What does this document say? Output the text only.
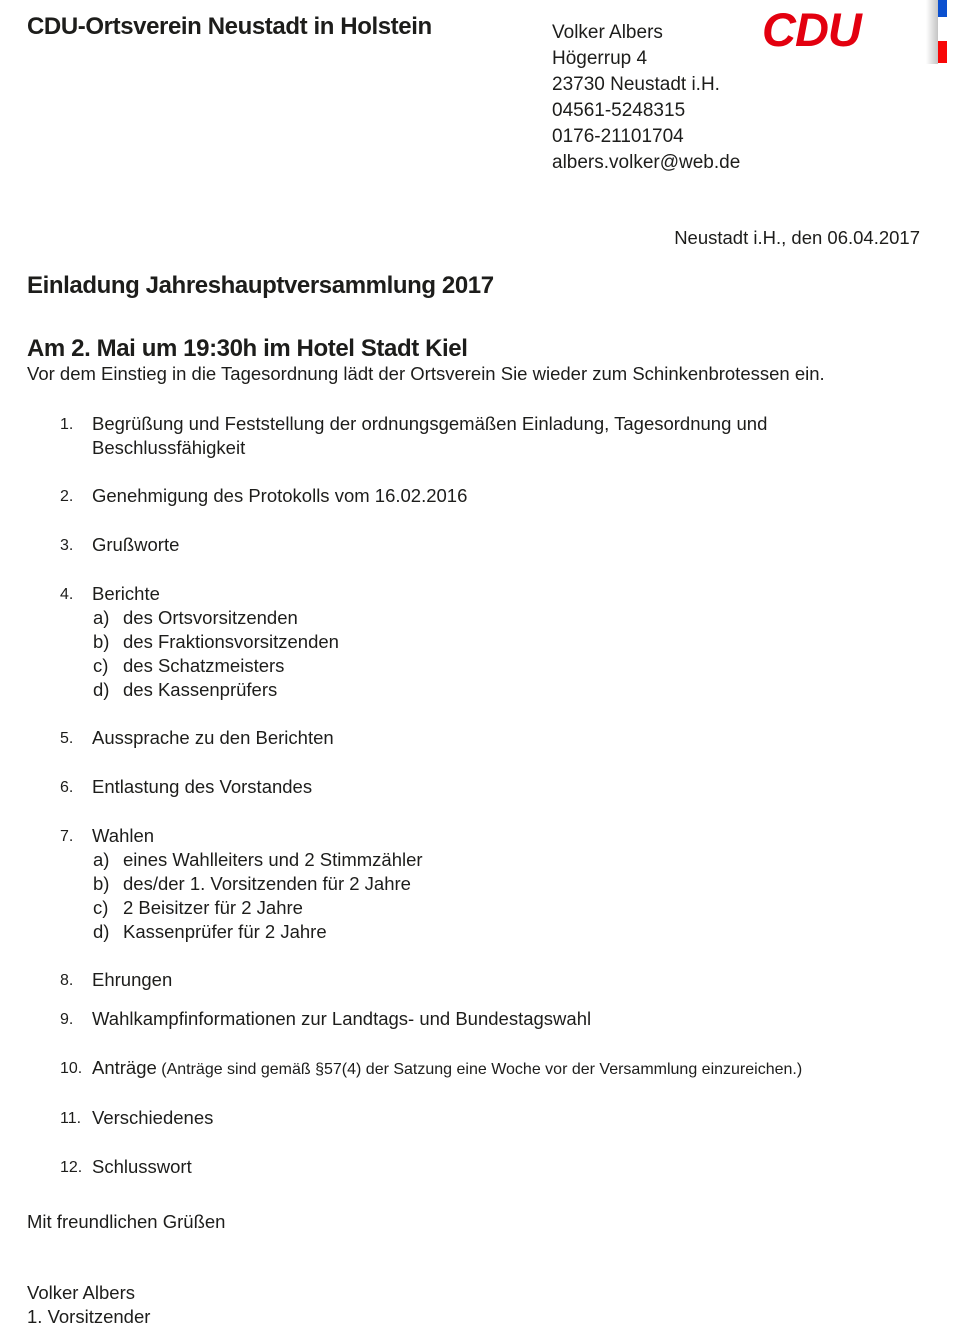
CDU-Ortsverein Neustadt in Holstein	Volker Albers
Högerrup 4
23730 Neustadt i.H.
04561-5248315
0176-21101704
albers.volker@web.de
CDU
Neustadt i.H., den 06.04.2017
Einladung Jahreshauptversammlung 2017
Am 2. Mai um 19:30h im Hotel Stadt Kiel

Vor dem Einstieg in die Tagesordnung lädt der Ortsverein Sie wieder zum Schinkenbrotessen ein.

1.	Begrüßung und Feststellung der ordnungsgemäßen Einladung, Tagesordnung und Beschlussfähigkeit
2.	Genehmigung des Protokolls vom 16.02.2016
3.	Grußworte
4.	Berichte
a) des Ortsvorsitzenden
b) des Fraktionsvorsitzenden
c) des Schatzmeisters
d) des Kassenprüfers
5.	Aussprache zu den Berichten
6.	Entlastung des Vorstandes
7.	Wahlen
a) eines Wahlleiters und 2 Stimmzähler
b) des/der 1. Vorsitzenden für 2 Jahre
c) 2 Beisitzer für 2 Jahre
d) Kassenprüfer für 2 Jahre
8.	Ehrungen
9.	Wahlkampfinformationen zur Landtags- und Bundestagswahl
10. Anträge (Anträge sind gemäß §57(4) der Satzung eine Woche vor der Versammlung einzureichen.)
11. Verschiedenes
12. Schlusswort
Mit freundlichen Grüßen
Volker Albers
1. Vorsitzender
